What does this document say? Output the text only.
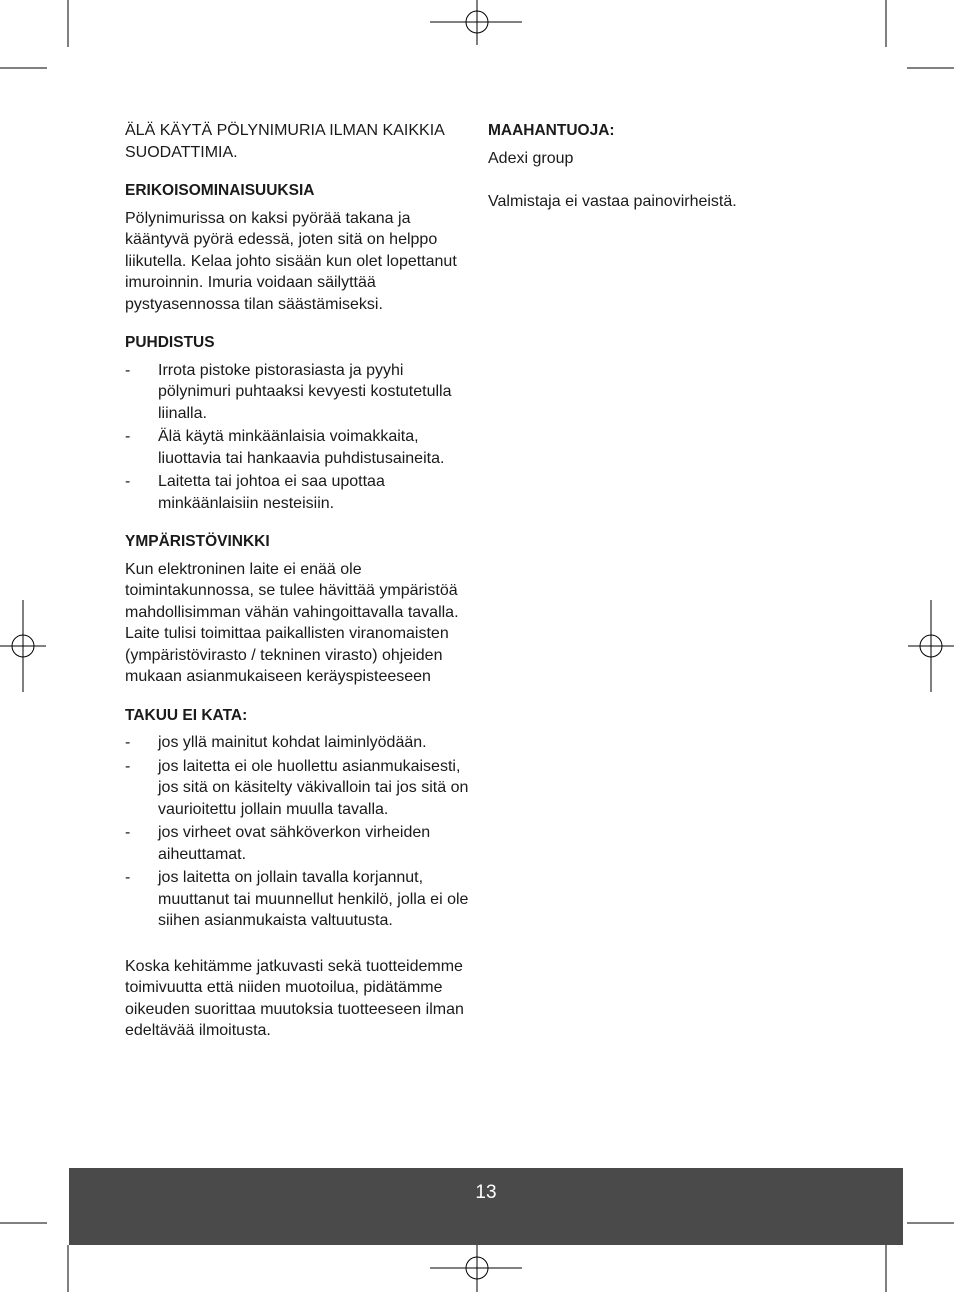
ÄLÄ KÄYTÄ PÖLYNIMURIA ILMAN KAIKKIA SUODATTIMIA.
ERIKOISOMINAISUUKSIA

Pölynimurissa on kaksi pyörää takana ja kääntyvä pyörä edessä, joten sitä on helppo liikutella. Kelaa johto sisään kun olet lopettanut imuroinnin. Imuria voidaan säilyttää pystyasennossa tilan säästämiseksi.

PUHDISTUS
- Irrota pistoke pistorasiasta ja pyyhi pölynimuri puhtaaksi kevyesti kostutetulla liinalla.
- Älä käytä minkäänlaisia voimakkaita, liuottavia tai hankaavia puhdistusaineita.
- Laitetta tai johtoa ei saa upottaa minkäänlaisiin nesteisiin.
YMPÄRISTÖVINKKI

Kun elektroninen laite ei enää ole toimintakunnossa, se tulee hävittää ympäristöä mahdollisimman vähän vahingoittavalla tavalla. Laite tulisi toimittaa paikallisten viranomaisten (ympäristövirasto / tekninen virasto) ohjeiden mukaan asianmukaiseen keräyspisteeseen

TAKUU EI KATA:
- jos yllä mainitut kohdat laiminlyödään.
- jos laitetta ei ole huollettu asianmukaisesti, jos sitä on käsitelty väkivalloin tai jos sitä on vaurioitettu jollain muulla tavalla.
- jos virheet ovat sähköverkon virheiden aiheuttamat.
- jos laitetta on jollain tavalla korjannut, muuttanut tai muunnellut henkilö, jolla ei ole siihen asianmukaista valtuutusta.

Koska kehitämme jatkuvasti sekä tuotteidemme toimivuutta että niiden muotoilua, pidätämme oikeuden suorittaa muutoksia tuotteeseen ilman edeltävää ilmoitusta.

MAAHANTUOJA:

Adexi group

Valmistaja ei vastaa painovirheistä.

13
